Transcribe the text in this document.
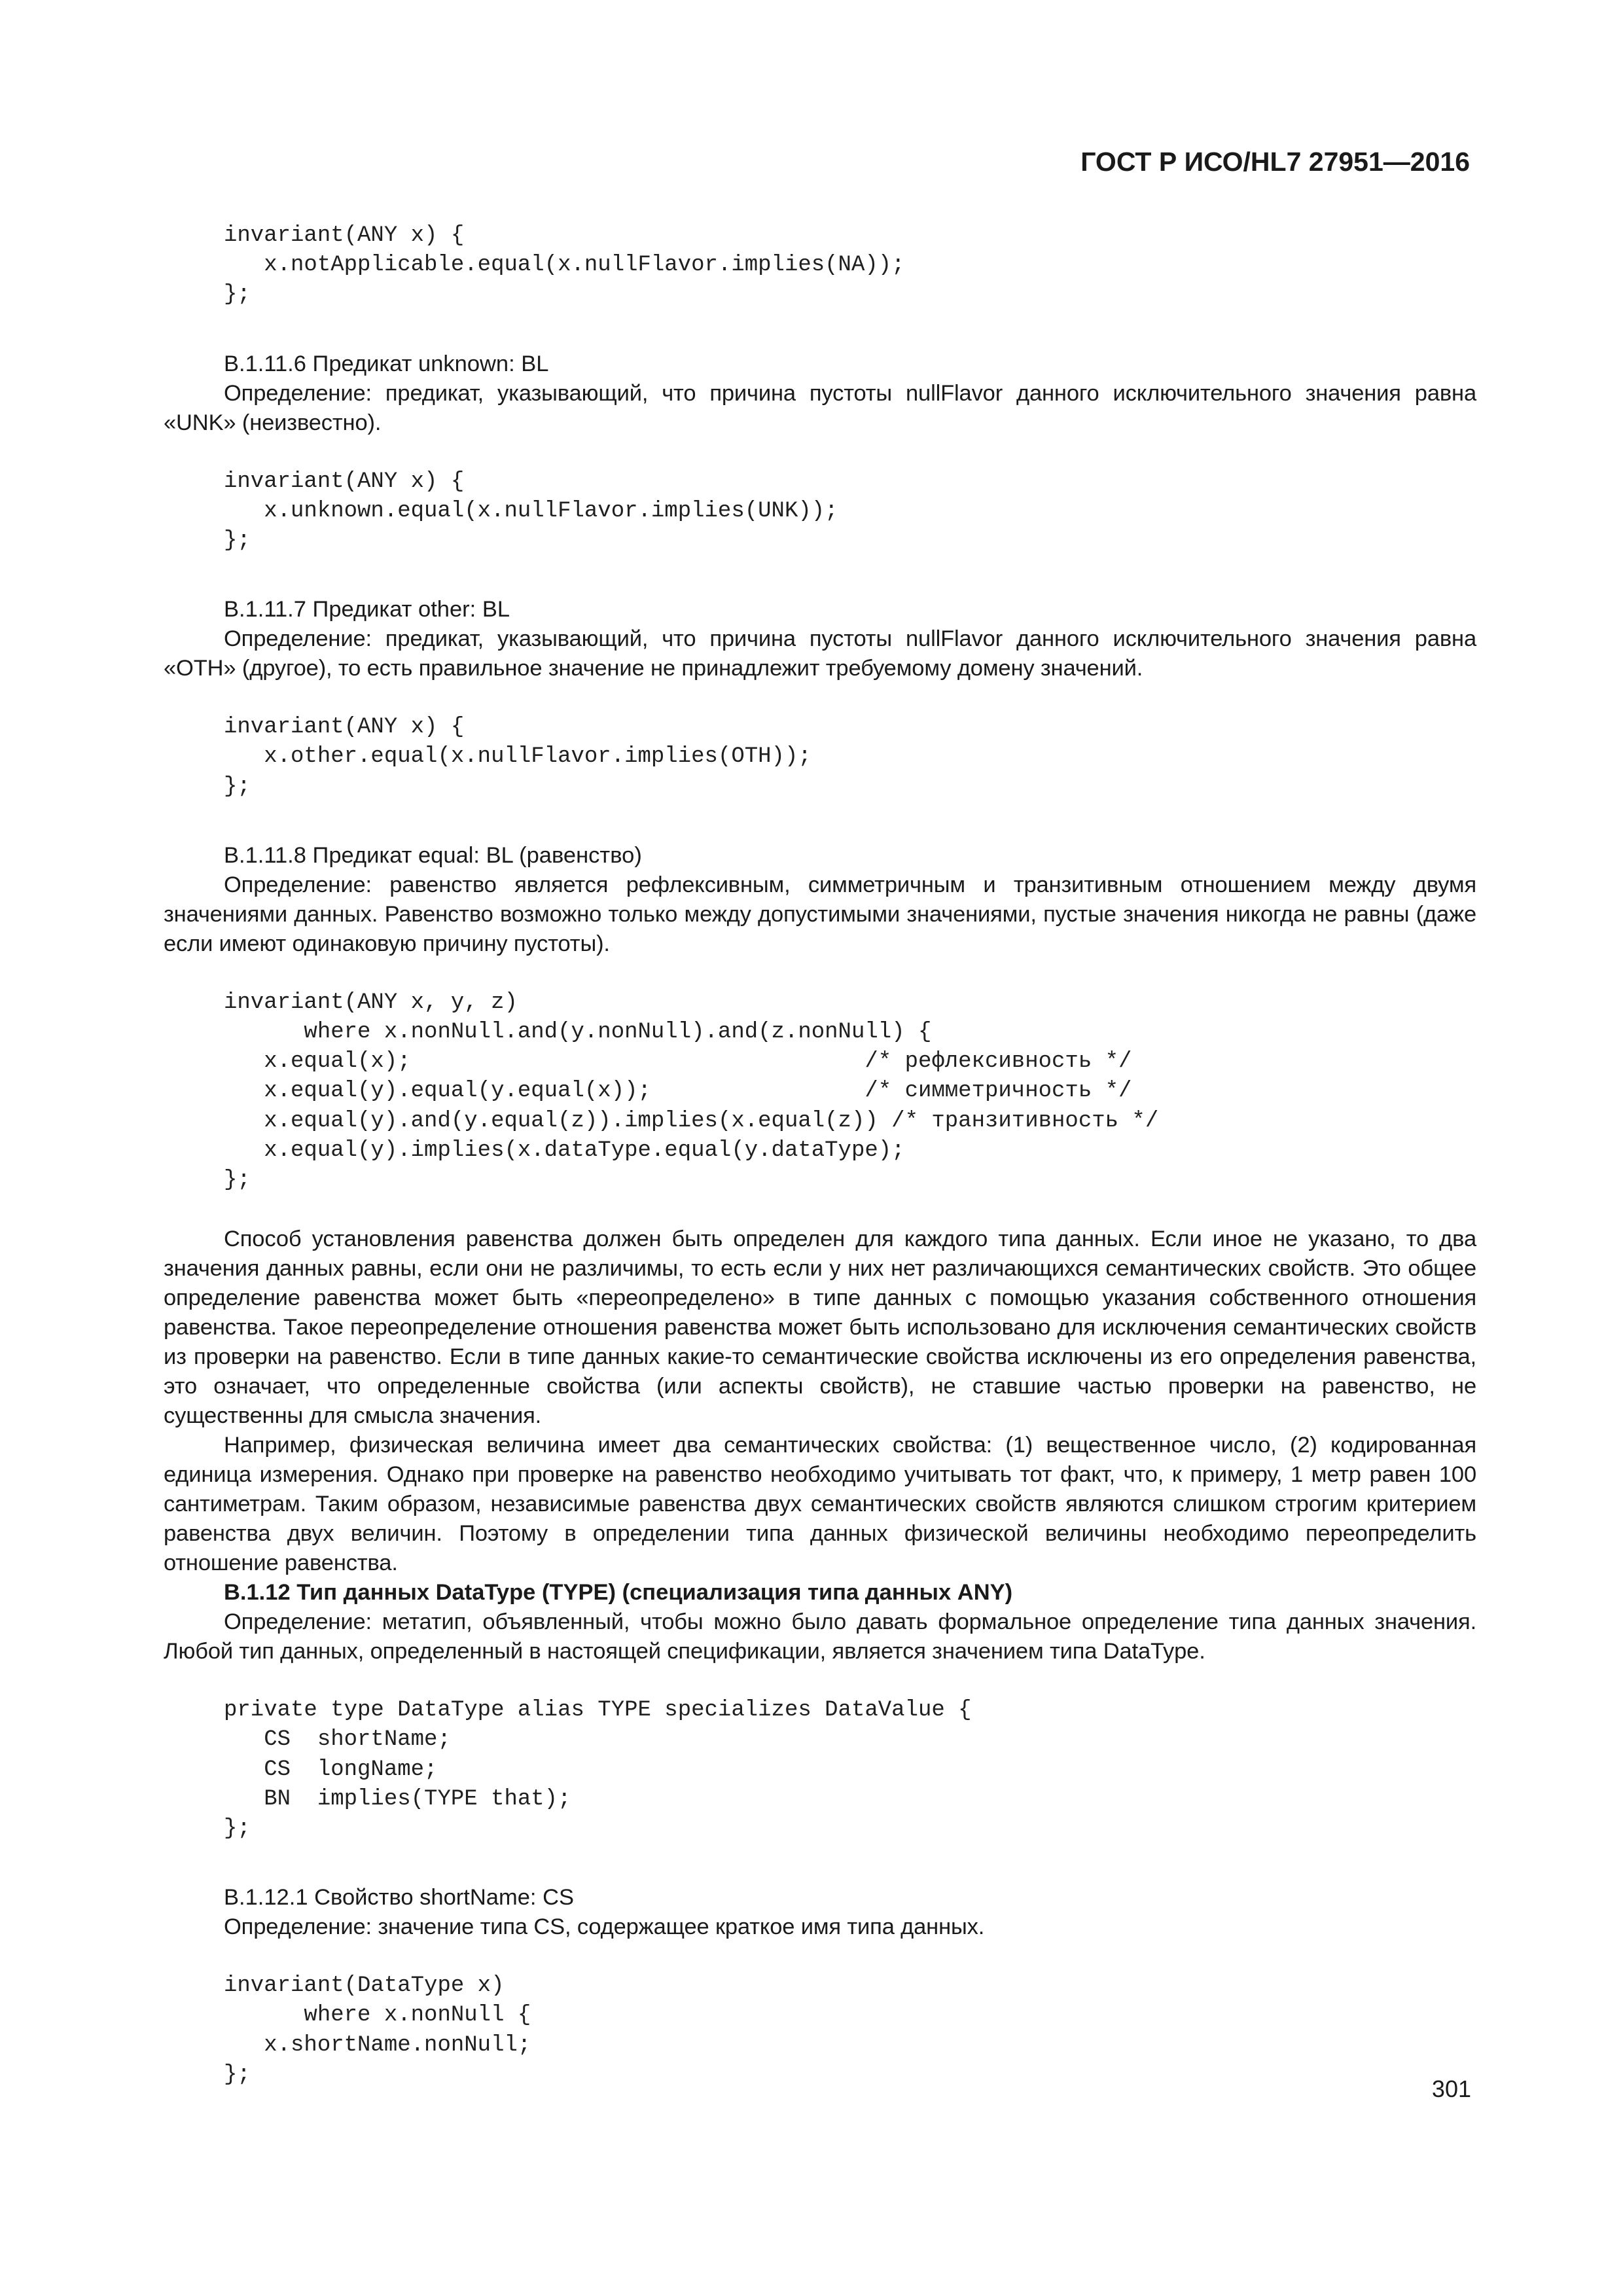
ГОСТ Р ИСО/HL7 27951—2016
invariant(ANY x) {
x.notApplicable.equal(x.nullFlavor.implies(NA));
};

B.1.11.6 Предикат unknown: BL

Определение: предикат, указывающий, что причина пустоты nullFlavor данного исключительного значения равна «UNK» (неизвестно).

invariant(ANY x) {
x.unknown.equal(x.nullFlavor.implies(UNK));
};

B.1.11.7 Предикат other: BL

Определение: предикат, указывающий, что причина пустоты nullFlavor данного исключительного значения равна «OTH» (другое), то есть правильное значение не принадлежит требуемому домену значений.

invariant(ANY x) {
x.other.equal(x.nullFlavor.implies(OTH));
};

B.1.11.8 Предикат equal: BL (равенство)

Определение: равенство является рефлексивным, симметричным и транзитивным отношением между двумя значениями данных. Равенство возможно только между допустимыми значениями, пустые значения никогда не равны (даже если имеют одинаковую причину пустоты).

invariant(ANY x, y, z)
where x.nonNull.and(y.nonNull).and(z.nonNull) {
x.equal(x);                                  /* рефлексивность */
x.equal(y).equal(y.equal(x));                /* симметричность */
x.equal(y).and(y.equal(z)).implies(x.equal(z)) /* транзитивность */
x.equal(y).implies(x.dataType.equal(y.dataType);
};

Способ установления равенства должен быть определен для каждого типа данных. Если иное не указано, то два значения данных равны, если они не различимы, то есть если у них нет различающихся семантических свойств. Это общее определение равенства может быть «переопределено» в типе данных с помощью указания собственного отношения равенства. Такое переопределение отношения равенства может быть использовано для исключения семантических свойств из проверки на равенство. Если в типе данных какие-то семантические свойства исключены из его определения равенства, это означает, что определенные свойства (или аспекты свойств), не ставшие частью проверки на равенство, не существенны для смысла значения.

Например, физическая величина имеет два семантических свойства: (1) вещественное число, (2) кодированная единица измерения. Однако при проверке на равенство необходимо учитывать тот факт, что, к примеру, 1 метр равен 100 сантиметрам. Таким образом, независимые равенства двух семантических свойств являются слишком строгим критерием равенства двух величин. Поэтому в определении типа данных физической величины необходимо переопределить отношение равенства.

B.1.12 Тип данных DataType (TYPE) (специализация типа данных ANY)

Определение: метатип, объявленный, чтобы можно было давать формальное определение типа данных значения. Любой тип данных, определенный в настоящей спецификации, является значением типа DataType.

private type DataType alias TYPE specializes DataValue {
CS  shortName;
CS  longName;
BN  implies(TYPE that);
};

B.1.12.1 Свойство shortName: CS

Определение: значение типа CS, содержащее краткое имя типа данных.

invariant(DataType x)
where x.nonNull {
x.shortName.nonNull;
};
301
